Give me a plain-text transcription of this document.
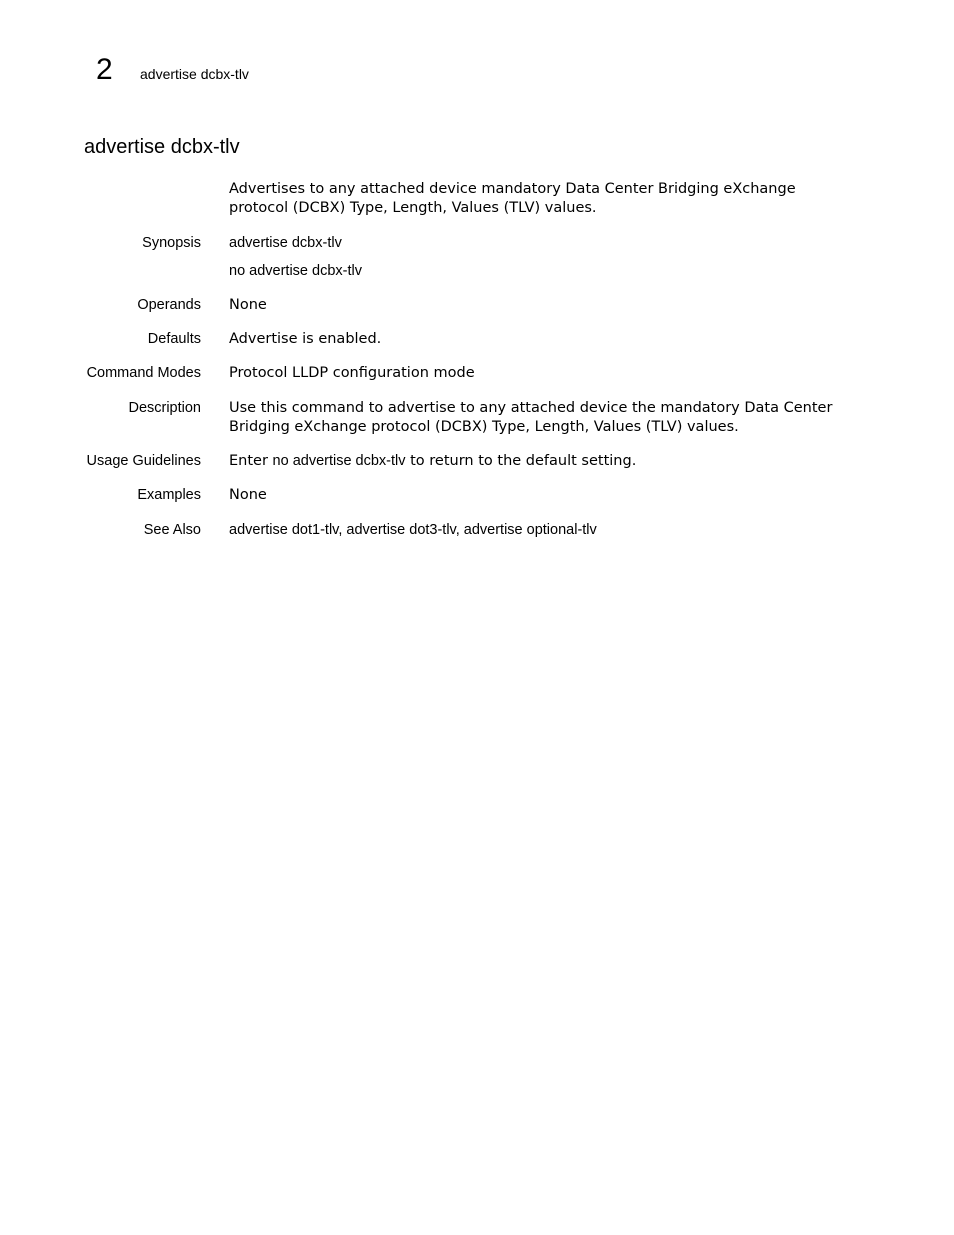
2 advertise dcbx-tlv
advertise dcbx-tlv
Advertises to any attached device mandatory Data Center Bridging eXchange protocol (DCBX) Type, Length, Values (TLV) values.
Synopsis advertise dcbx-tlv
no advertise dcbx-tlv
Operands None
Defaults Advertise is enabled.
Command Modes Protocol LLDP configuration mode
Description Use this command to advertise to any attached device the mandatory Data Center Bridging eXchange protocol (DCBX) Type, Length, Values (TLV) values.
Usage Guidelines Enter no advertise dcbx-tlv to return to the default setting.
Examples None
See Also advertise dot1-tlv, advertise dot3-tlv, advertise optional-tlv
